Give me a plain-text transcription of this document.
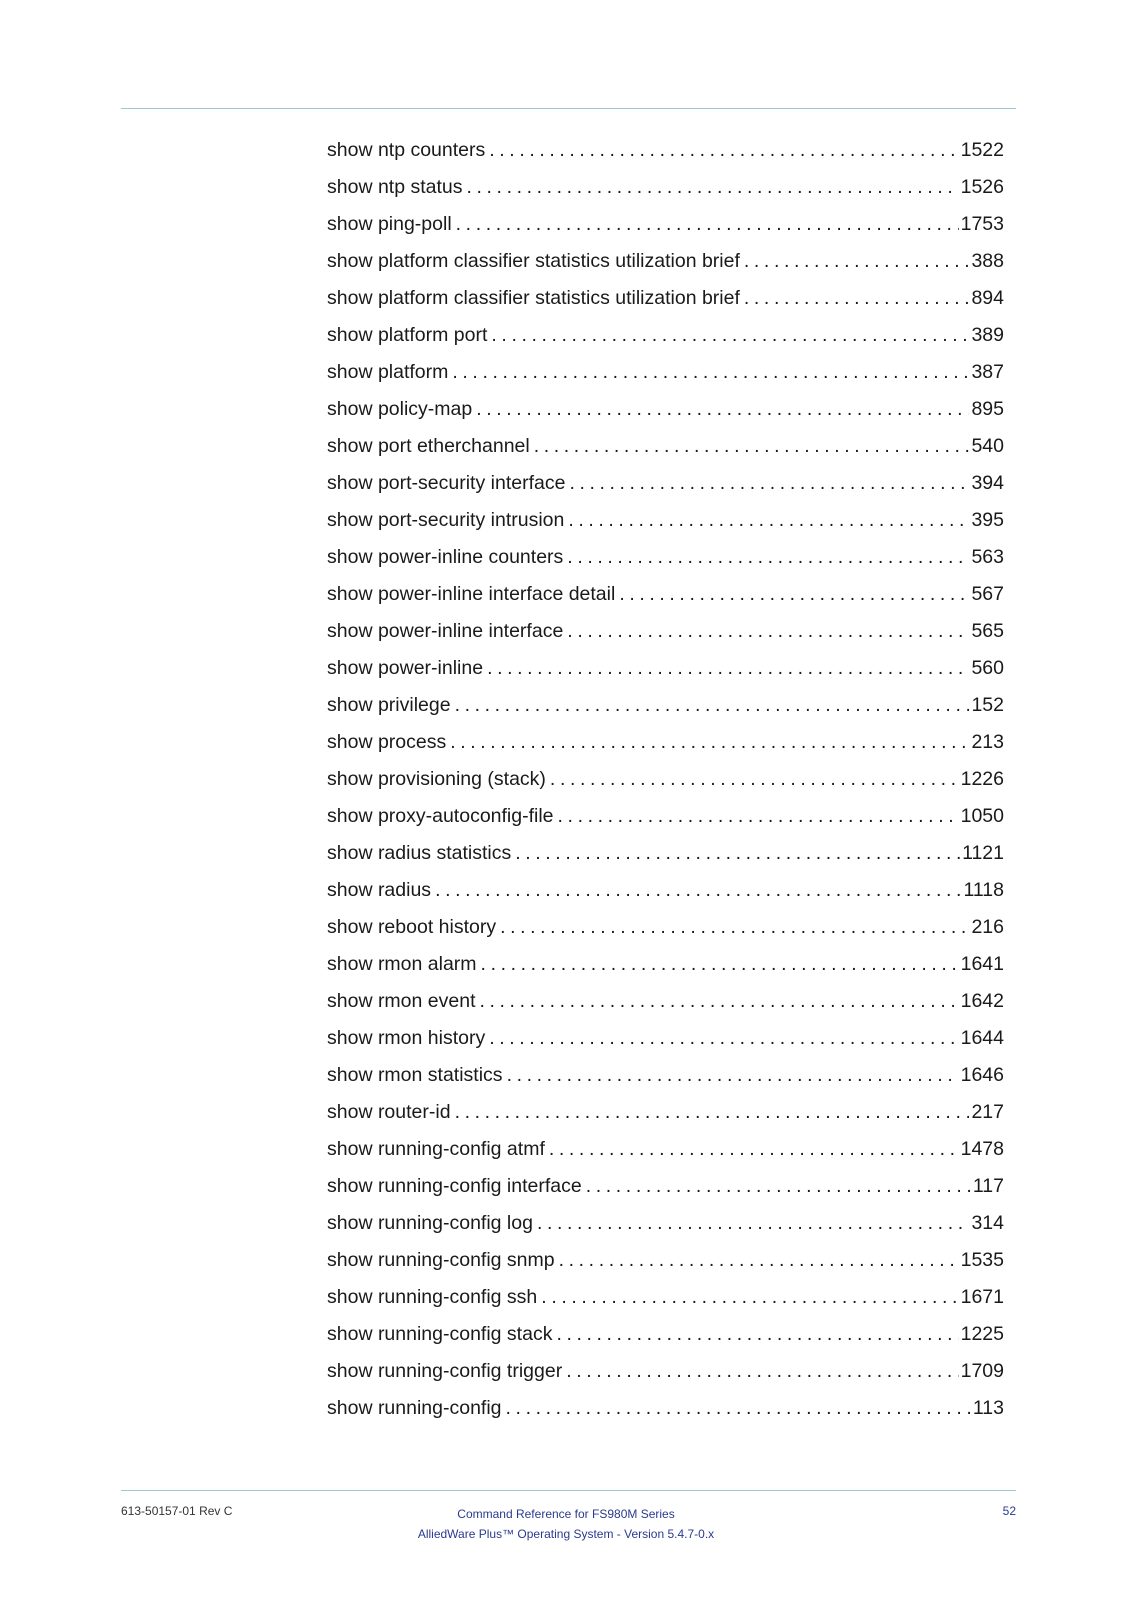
show ntp counters .....	1522
show ntp status .....	1526
show ping-poll .....	1753
show platform classifier statistics utilization brief .....	388
show platform classifier statistics utilization brief .....	894
show platform port .....	389
show platform .....	387
show policy-map .....	895
show port etherchannel .....	540
show port-security interface .....	394
show port-security intrusion .....	395
show power-inline counters .....	563
show power-inline interface detail .....	567
show power-inline interface .....	565
show power-inline .....	560
show privilege .....	152
show process .....	213
show provisioning (stack) .....	1226
show proxy-autoconfig-file .....	1050
show radius statistics .....	1121
show radius .....	1118
show reboot history .....	216
show rmon alarm .....	1641
show rmon event .....	1642
show rmon history .....	1644
show rmon statistics .....	1646
show router-id .....	217
show running-config atmf .....	1478
show running-config interface .....	117
show running-config log .....	314
show running-config snmp .....	1535
show running-config ssh .....	1671
show running-config stack .....	1225
show running-config trigger .....	1709
show running-config .....	113
613-50157-01 Rev C	Command Reference for FS980M Series
AlliedWare Plus™ Operating System - Version 5.4.7-0.x
52
